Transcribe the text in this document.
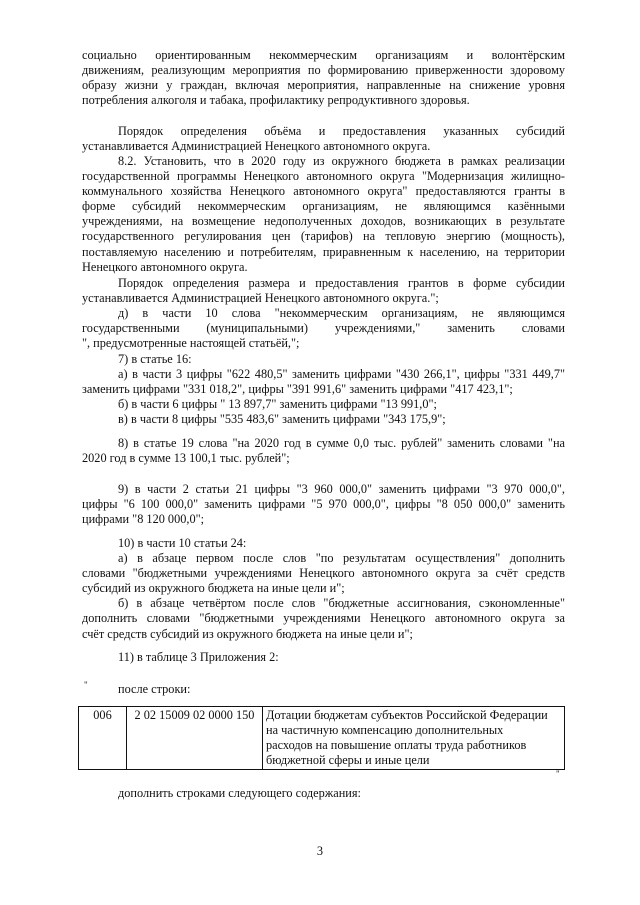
социально ориентированным некоммерческим организациям и волонтёрским
движениям, реализующим мероприятия по формированию приверженности здоровому
образу жизни у граждан, включая мероприятия, направленные на снижение уровня
потребления алкоголя и табака, профилактику репродуктивного здоровья.
Порядок определения объёма и предоставления указанных субсидий
устанавливается Администрацией Ненецкого автономного округа.
8.2. Установить, что в 2020 году из окружного бюджета в рамках реализации
государственной программы Ненецкого автономного округа "Модернизация жилищно-
коммунального хозяйства Ненецкого автономного округа" предоставляются гранты в
форме субсидий некоммерческим организациям, не являющимся казёнными
учреждениями, на возмещение недополученных доходов, возникающих в результате
государственного регулирования цен (тарифов) на тепловую энергию (мощность),
поставляемую населению и потребителям, приравненным к населению, на территории
Ненецкого автономного округа.
Порядок определения размера и предоставления грантов в форме субсидии
устанавливается Администрацией Ненецкого автономного округа.";
д) в части 10 слова "некоммерческим организациям, не являющимся
государственными (муниципальными) учреждениями," заменить словами
", предусмотренные настоящей статьёй,";
7) в статье 16:
а) в части 3 цифры "622 480,5" заменить цифрами "430 266,1", цифры "331 449,7"
заменить цифрами "331 018,2", цифры "391 991,6" заменить цифрами "417 423,1";
б) в части 6 цифры " 13 897,7" заменить цифрами "13 991,0";
в) в части 8 цифры "535 483,6" заменить цифрами "343 175,9";
8) в статье 19 слова "на 2020 год в сумме 0,0 тыс. рублей" заменить словами "на
2020 год в сумме 13 100,1 тыс. рублей";
9) в части 2 статьи 21 цифры "3 960 000,0" заменить цифрами "3 970 000,0",
цифры "6 100 000,0" заменить цифрами "5 970 000,0", цифры "8 050 000,0" заменить
цифрами "8 120 000,0";
10) в части 10 статьи 24:
а) в абзаце первом после слов "по результатам осуществления" дополнить
словами "бюджетными учреждениями Ненецкого автономного округа за счёт средств
субсидий из окружного бюджета на иные цели и";
б) в абзаце четвёртом после слов "бюджетные ассигнования, сэкономленные"
дополнить словами "бюджетными учреждениями Ненецкого автономного округа за
счёт средств субсидий из окружного бюджета на иные цели и";
11) в таблице 3 Приложения 2:
"	после строки:
006	2 02 15009 02 0000 150	Дотации бюджетам субъектов Российской Федерации
на частичную компенсацию дополнительных
расходов на повышение оплаты труда работников
бюджетной сферы и иные цели
"
дополнить строками следующего содержания:
3
